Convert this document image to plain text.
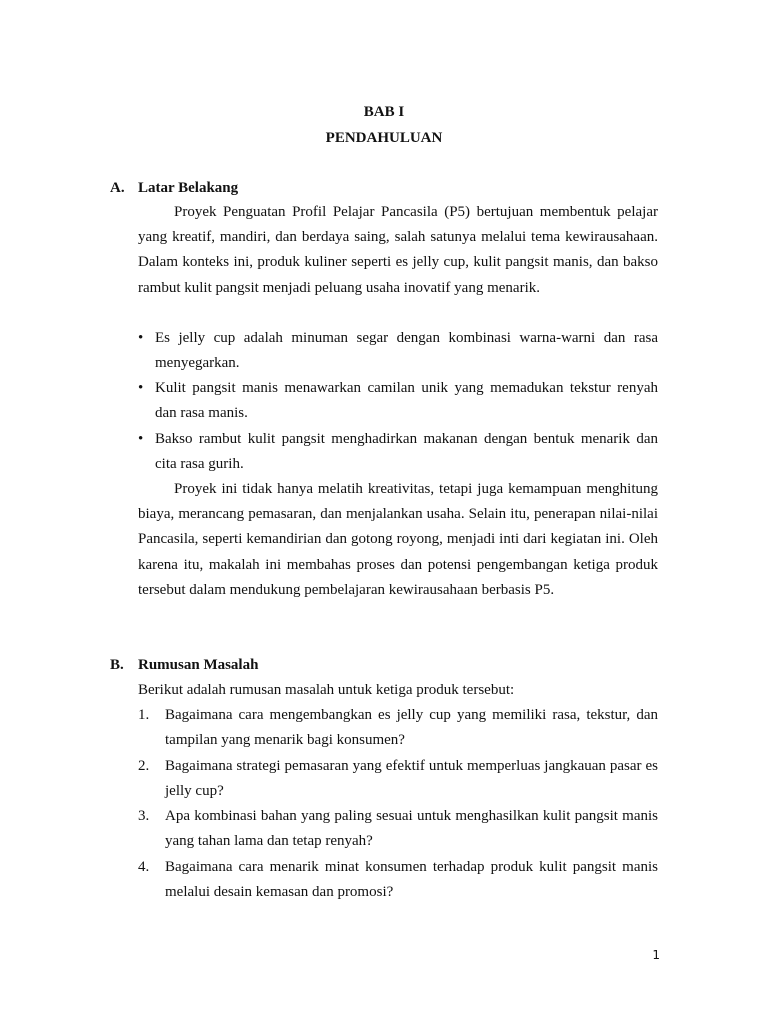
BAB I
PENDAHULUAN
A. Latar Belakang

Proyek Penguatan Profil Pelajar Pancasila (P5) bertujuan membentuk pelajar yang kreatif, mandiri, dan berdaya saing, salah satunya melalui tema kewirausahaan. Dalam konteks ini, produk kuliner seperti es jelly cup, kulit pangsit manis, dan bakso rambut kulit pangsit menjadi peluang usaha inovatif yang menarik.

• Es jelly cup adalah minuman segar dengan kombinasi warna-warni dan rasa menyegarkan.
• Kulit pangsit manis menawarkan camilan unik yang memadukan tekstur renyah dan rasa manis.
• Bakso rambut kulit pangsit menghadirkan makanan dengan bentuk menarik dan cita rasa gurih.

Proyek ini tidak hanya melatih kreativitas, tetapi juga kemampuan menghitung biaya, merancang pemasaran, dan menjalankan usaha. Selain itu, penerapan nilai-nilai Pancasila, seperti kemandirian dan gotong royong, menjadi inti dari kegiatan ini. Oleh karena itu, makalah ini membahas proses dan potensi pengembangan ketiga produk tersebut dalam mendukung pembelajaran kewirausahaan berbasis P5.

B. Rumusan Masalah

Berikut adalah rumusan masalah untuk ketiga produk tersebut:

1. Bagaimana cara mengembangkan es jelly cup yang memiliki rasa, tekstur, dan tampilan yang menarik bagi konsumen?
2. Bagaimana strategi pemasaran yang efektif untuk memperluas jangkauan pasar es jelly cup?
3. Apa kombinasi bahan yang paling sesuai untuk menghasilkan kulit pangsit manis yang tahan lama dan tetap renyah?
4. Bagaimana cara menarik minat konsumen terhadap produk kulit pangsit manis melalui desain kemasan dan promosi?
1
